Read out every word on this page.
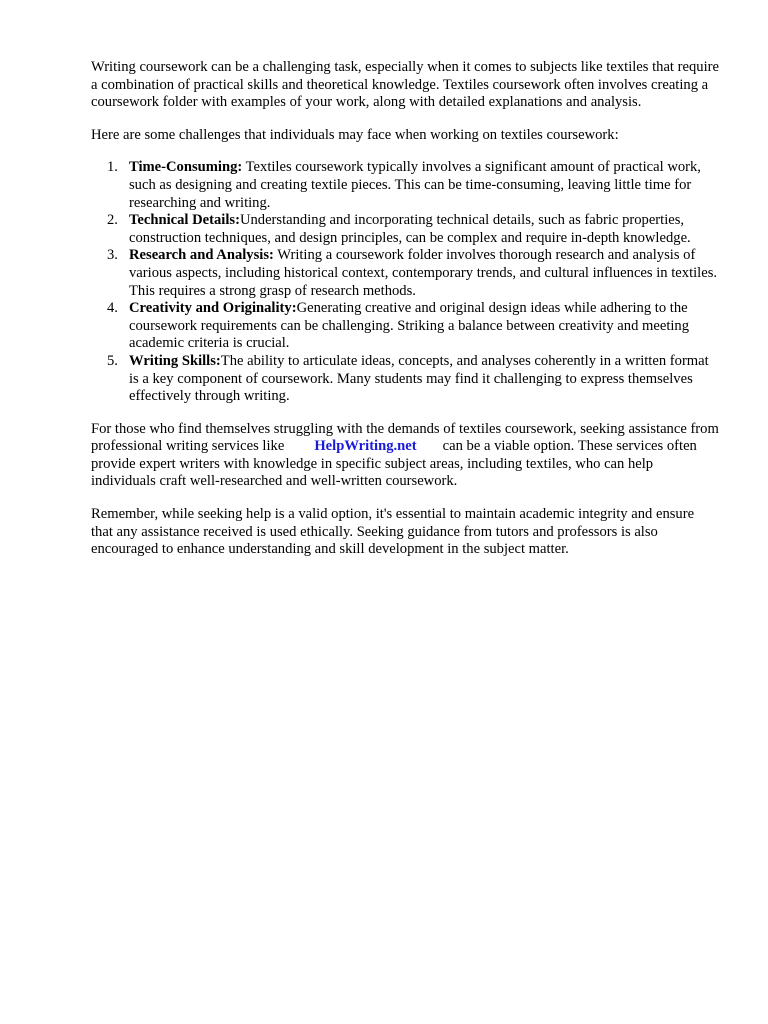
Writing coursework can be a challenging task, especially when it comes to subjects like textiles that require a combination of practical skills and theoretical knowledge. Textiles coursework often involves creating a coursework folder with examples of your work, along with detailed explanations and analysis.

Here are some challenges that individuals may face when working on textiles coursework:

1. Time-Consuming: Textiles coursework typically involves a significant amount of practical work, such as designing and creating textile pieces. This can be time-consuming, leaving little time for researching and writing.
2. Technical Details:Understanding and incorporating technical details, such as fabric properties, construction techniques, and design principles, can be complex and require in-depth knowledge.
3. Research and Analysis: Writing a coursework folder involves thorough research and analysis of various aspects, including historical context, contemporary trends, and cultural influences in textiles. This requires a strong grasp of research methods.
4. Creativity and Originality:Generating creative and original design ideas while adhering to the coursework requirements can be challenging. Striking a balance between creativity and meeting academic criteria is crucial.
5. Writing Skills:The ability to articulate ideas, concepts, and analyses coherently in a written format is a key component of coursework. Many students may find it challenging to express themselves effectively through writing.

For those who find themselves struggling with the demands of textiles coursework, seeking assistance from professional writing services like HelpWriting.net can be a viable option. These services often provide expert writers with knowledge in specific subject areas, including textiles, who can help individuals craft well-researched and well-written coursework.

Remember, while seeking help is a valid option, it's essential to maintain academic integrity and ensure that any assistance received is used ethically. Seeking guidance from tutors and professors is also encouraged to enhance understanding and skill development in the subject matter.
